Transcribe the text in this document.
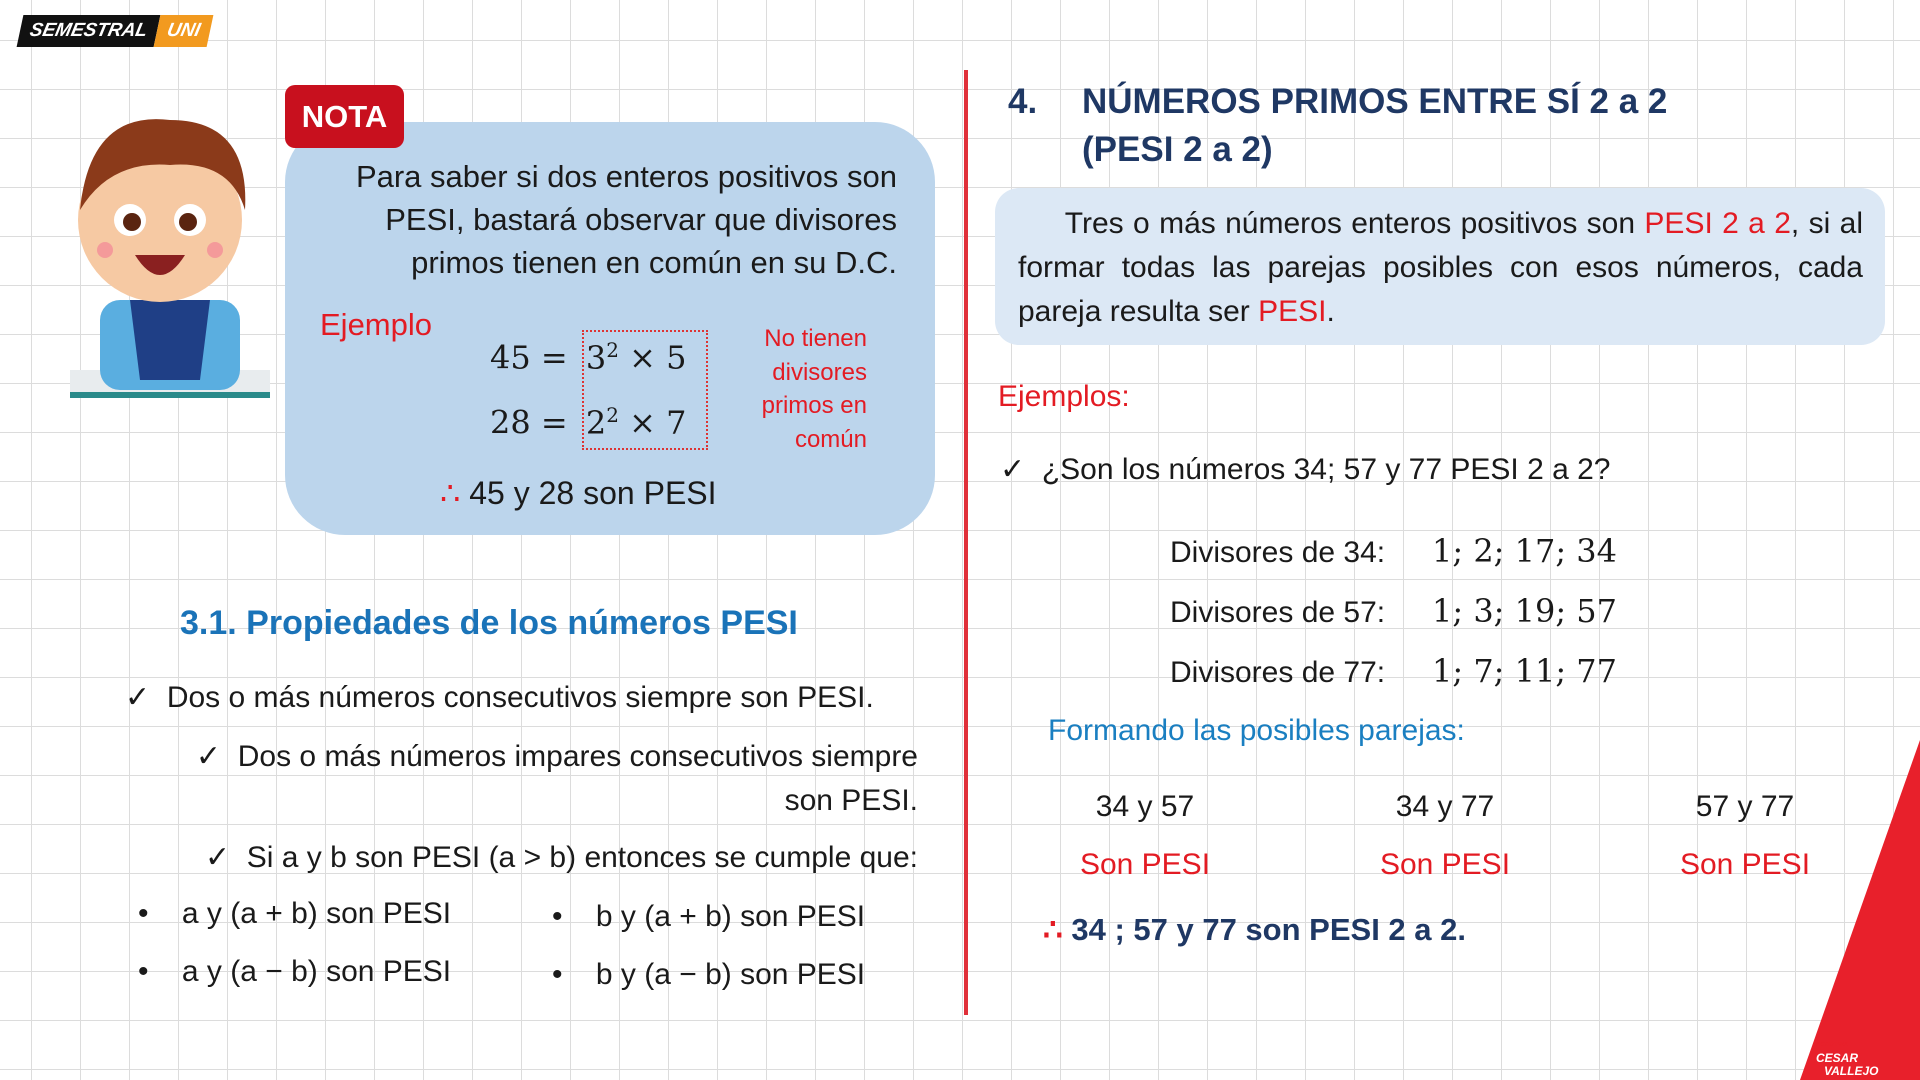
SEMESTRAL UNI
NOTA
Para saber si dos enteros positivos son PESI, bastará observar que divisores primos tienen en común en su D.C.
Ejemplo
$45 = 3^2 \times 5$
$28 = 2^2 \times 7$
No tienen
divisores
primos en
común
∴ 45 y 28 son PESI
3.1. Propiedades de los números PESI
✓ Dos o más números consecutivos siempre son PESI.
✓ Dos o más números impares consecutivos siempre
son PESI.
✓ Si a y b son PESI (a > b) entonces se cumple que:
•    a y (a + b) son PESI	•    b y (a + b) son PESI
•    a y (a − b) son PESI	•    b y (a − b) son PESI
4. NÚMEROS PRIMOS ENTRE SÍ 2 a 2
(PESI 2 a 2)
Tres o más números enteros positivos son PESI 2 a 2, si al formar todas las parejas posibles con esos números, cada pareja resulta ser PESI.
Ejemplos:
✓ ¿Son los números 34; 57 y 77 PESI 2 a 2?
Divisores de 34: 1; 2; 17; 34
Divisores de 57: 1; 3; 19; 57
Divisores de 77: 1; 7; 11; 77
Formando las posibles parejas:
34 y 57
Son PESI
34 y 77
Son PESI
57 y 77
Son PESI
∴ 34 ; 57 y 77 son PESI 2 a 2.
ACADEMIA
CESAR
VALLEJO
